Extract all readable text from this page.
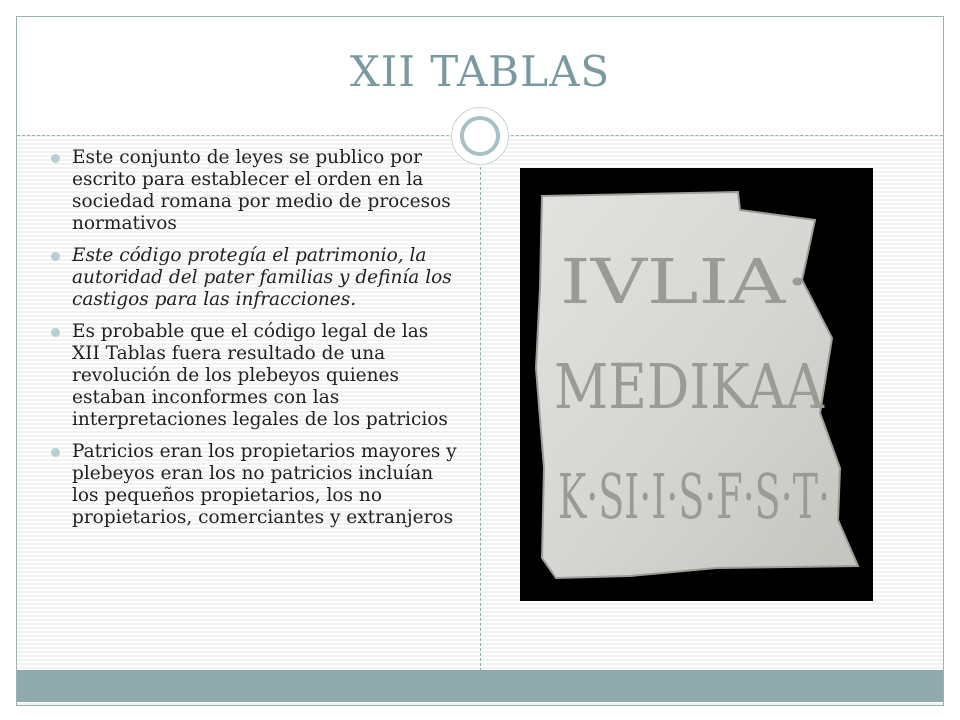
XII TABLAS
Este conjunto de leyes se publico por escrito para establecer el orden en la sociedad romana por medio de procesos normativos
Este código protegía el patrimonio, la autoridad del pater familias y definía los castigos para las infracciones.
Es probable que el código legal de las XII Tablas fuera resultado de una revolución de los plebeyos quienes estaban inconformes con las interpretaciones legales de los patricios
Patricios eran los propietarios mayores y plebeyos eran los no patricios incluían los pequeños propietarios, los no propietarios, comerciantes y extranjeros
IVLIA·
MEDIKAA
K·SI·I·S·F·S·T·
